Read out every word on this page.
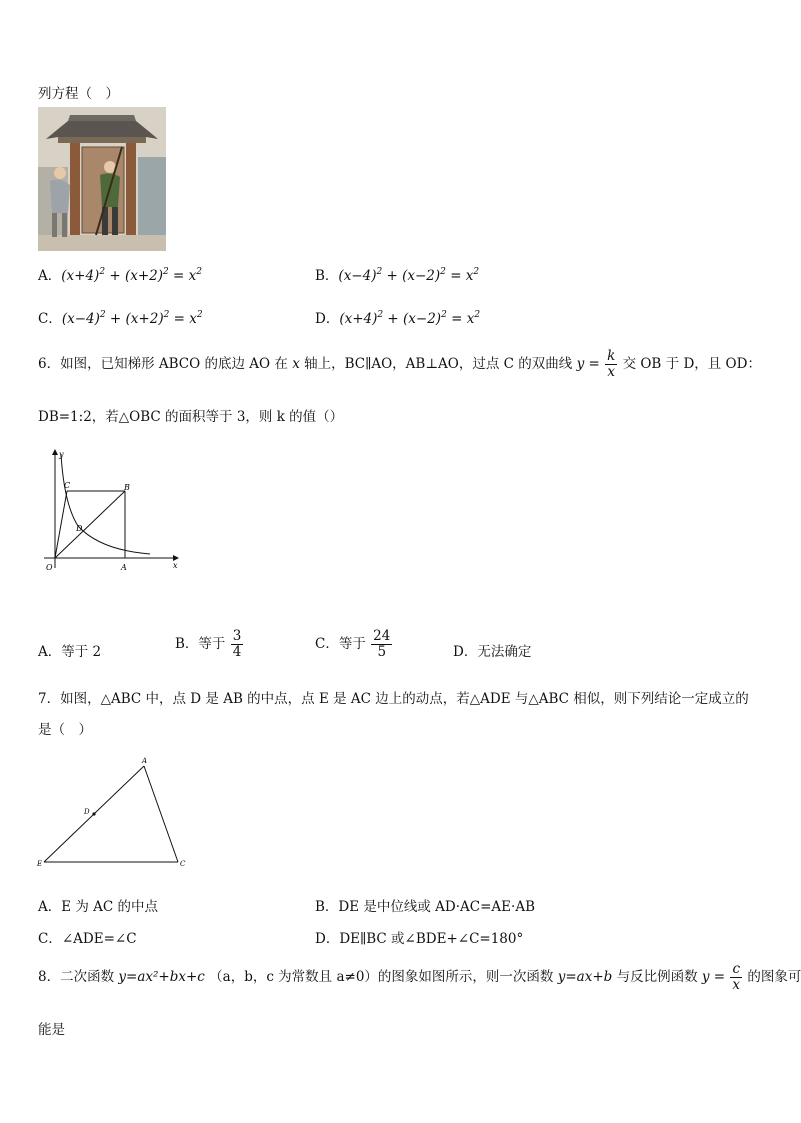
列方程（　）
A．$(x+4)^2 + (x+2)^2 = x^2$	B．$(x-4)^2 + (x-2)^2 = x^2$
C．$(x-4)^2 + (x+2)^2 = x^2$	D．$(x+4)^2 + (x-2)^2 = x^2$
6．如图，已知梯形 ABCO 的底边 AO 在 x 轴上，BC∥AO，AB⊥AO，过点 C 的双曲线 $y = \frac{k}{x}$ 交 OB 于 D，且 OD：
DB=1:2，若△OBC 的面积等于 3，则 k 的值（）
y
x
O	A
B
C
D
A．等于 2	B．等于 $\frac{3}{4}$	C．等于 $\frac{24}{5}$	D．无法确定
7．如图，△ABC 中，点 D 是 AB 的中点，点 E 是 AC 边上的动点，若△ADE 与△ABC 相似，则下列结论一定成立的
是（　）
A
D
E	C
A．E 为 AC 的中点	B．DE 是中位线或 AD·AC=AE·AB
C．∠ADE=∠C	D．DE∥BC 或∠BDE+∠C=180°
8．二次函数 y=ax²+bx+c （a，b，c 为常数且 a≠0）的图象如图所示，则一次函数 y=ax+b 与反比例函数 $y = \frac{c}{x}$ 的图象可
能是
